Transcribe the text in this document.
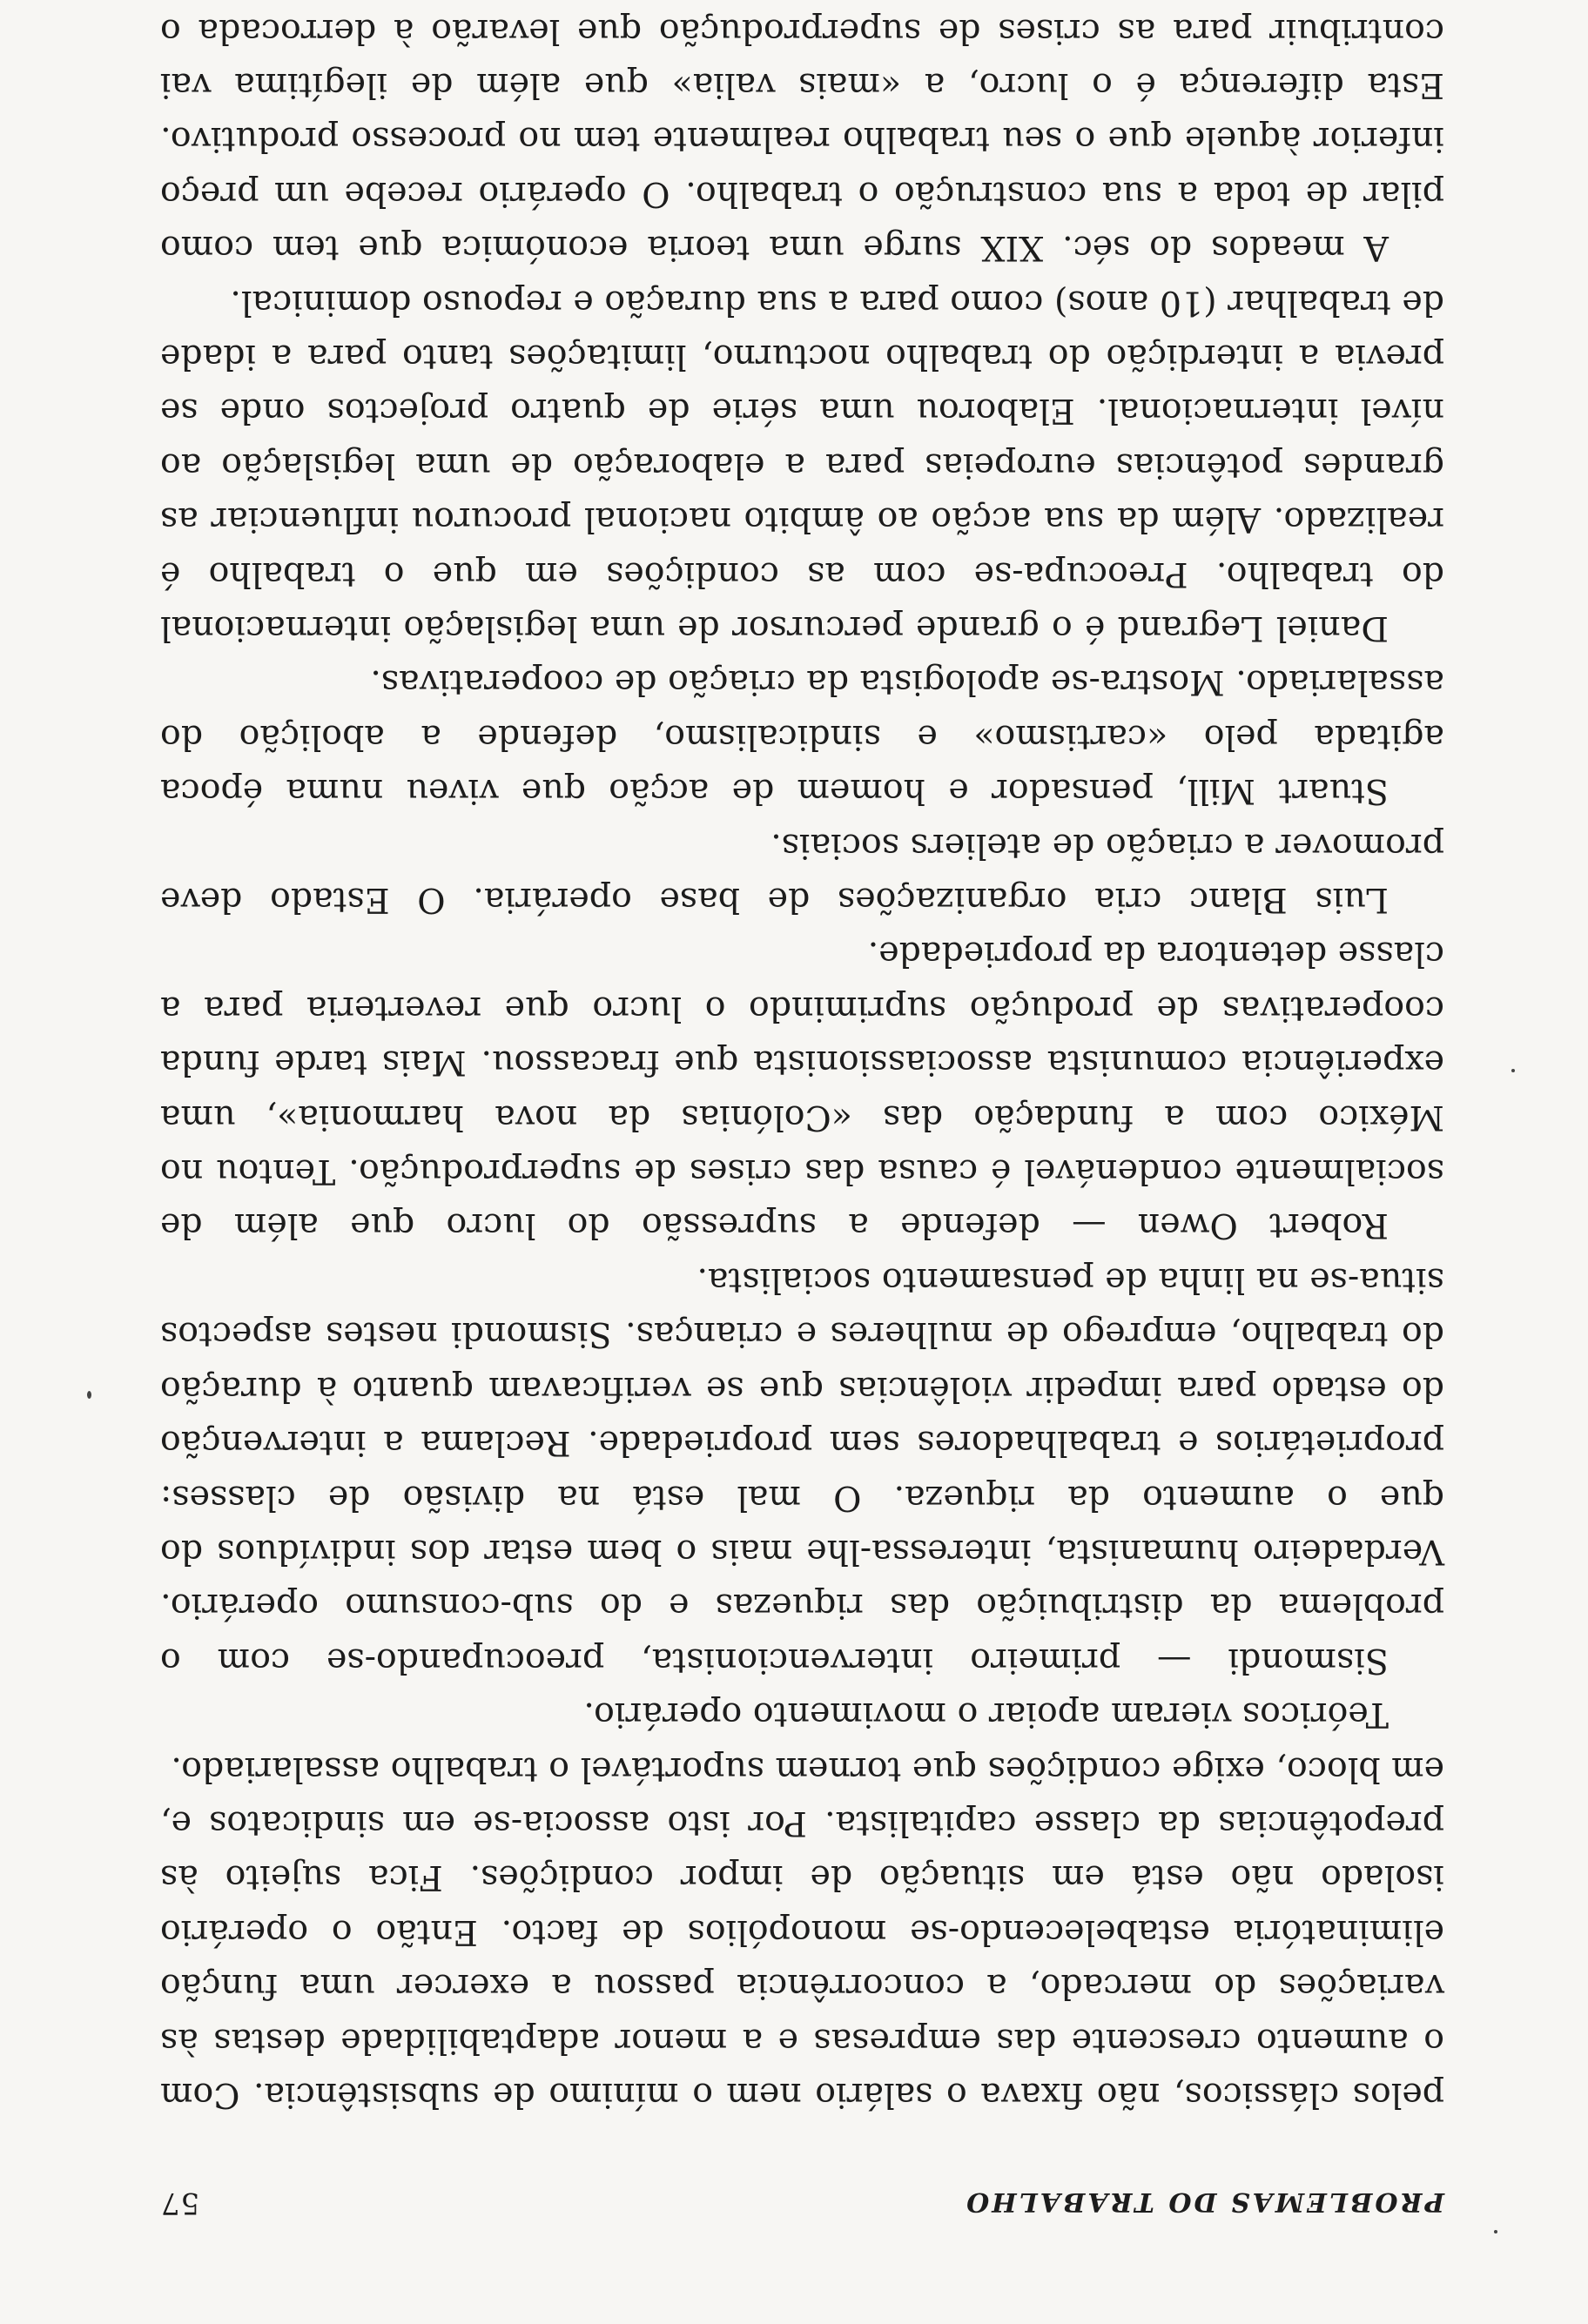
PROBLEMAS DO TRABALHO
57

pelos clássicos, não fixava o salário nem o mínimo de subsistência. Com o aumento crescente das empresas e a menor adaptabilidade destas às variações do mercado, a concorrência passou a exercer uma função eliminatória estabelecendo-se monopólios de facto. Então o operário isolado não está em situação de impor condições. Fica sujeito às prepotências da classe capitalista. Por isto associa-se em sindicatos e, em bloco, exige condições que tornem suportável o trabalho assalariado.

Teóricos vieram apoiar o movimento operário.

Sismondi — primeiro intervencionista, preocupando-se com o problema da distribuição das riquezas e do sub-consumo operário. Verdadeiro humanista, interessa-lhe mais o bem estar dos indivíduos do que o aumento da riqueza. O mal está na divisão de classes: proprietários e trabalhadores sem propriedade. Reclama a intervenção do estado para impedir violências que se verificavam quanto à duração do trabalho, emprego de mulheres e crianças. Sismondi nestes aspectos situa-se na linha de pensamento socialista.

Robert Owen — defende a supressão do lucro que além de socialmente condenável é causa das crises de superprodução. Tentou no México com a fundação das «Colónias da nova harmonia», uma experiência comunista associassionista que fracassou. Mais tarde funda cooperativas de produção suprimindo o lucro que reverteria para a classe detentora da propriedade.

Luis Blanc cria organizações de base operária. O Estado deve promover a criação de ateliers sociais.

Stuart Mill, pensador e homem de acção que viveu numa época agitada pelo «cartismo» e sindicalismo, defende a abolição do assalariado. Mostra-se apologista da criação de cooperativas.

Daniel Legrand é o grande percursor de uma legislação internacional do trabalho. Preocupa-se com as condições em que o trabalho é realizado. Além da sua acção ao âmbito nacional procurou influenciar as grandes potências europeias para a elaboração de uma legislação ao nível internacional. Elaborou uma série de quatro projectos onde se previa a interdição do trabalho nocturno, limitações tanto para a idade de trabalhar (10 anos) como para a sua duração e repouso dominical.

A meados do séc. XIX surge uma teoria económica que tem como pilar de toda a sua construção o trabalho. O operário recebe um preço inferior àquele que o seu trabalho realmente tem no processo produtivo. Esta diferença é o lucro, a «mais valia» que além de ilegítima vai contribuir para as crises de superprodução que levarão à derrocada o
